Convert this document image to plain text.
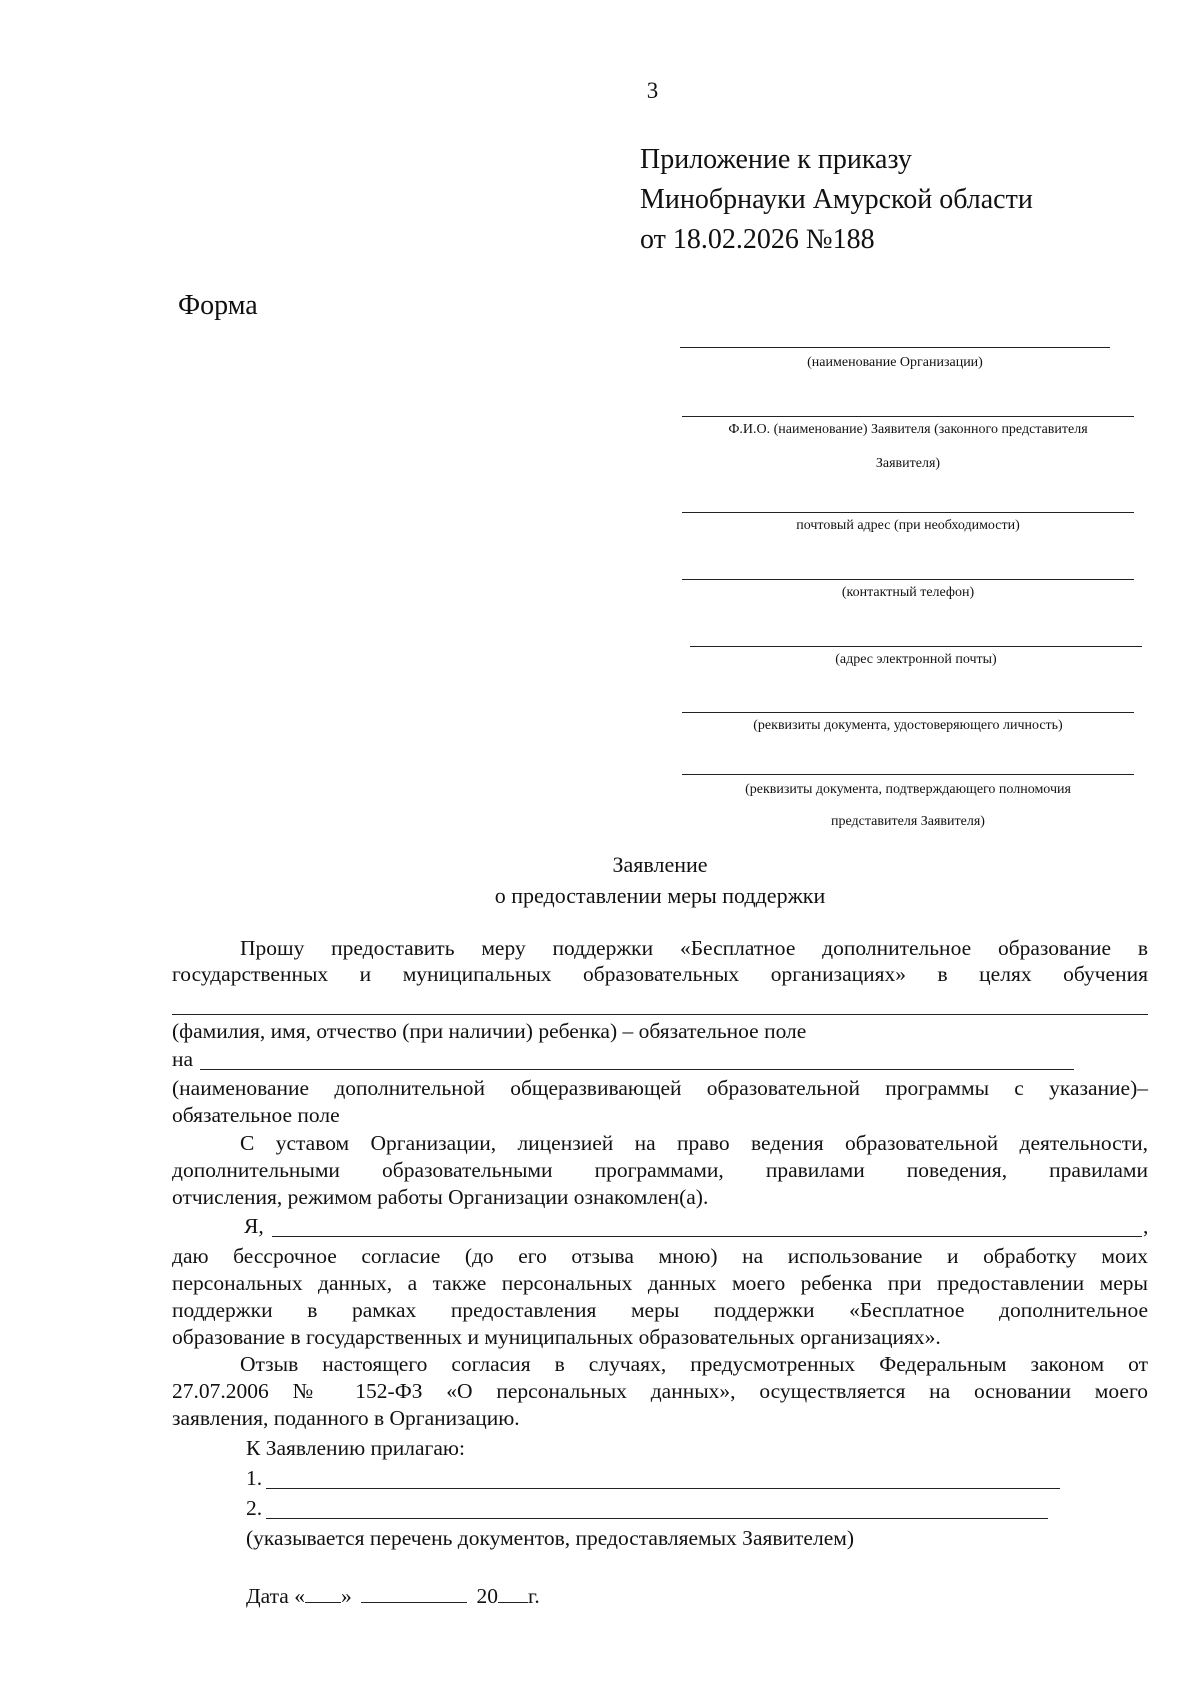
3
Приложение к приказу
Минобрнауки Амурской области
от 18.02.2026 №188
Форма
(наименование Организации)
Ф.И.О. (наименование) Заявителя (законного представителя
Заявителя)
почтовый адрес (при необходимости)
(контактный телефон)
(адрес электронной почты)
(реквизиты документа, удостоверяющего личность)
(реквизиты документа, подтверждающего полномочия
представителя Заявителя)
Заявление
о предоставлении меры поддержки
Прошу предоставить меру поддержки «Бесплатное дополнительное образование в
государственных и муниципальных образовательных организациях» в целях обучения
(фамилия, имя, отчество (при наличии) ребенка) – обязательное поле
на
(наименование дополнительной общеразвивающей образовательной программы с указание)–
обязательное поле
С уставом Организации, лицензией на право ведения образовательной деятельности,
дополнительными образовательными программами, правилами поведения, правилами
отчисления, режимом работы Организации ознакомлен(а).
Я,	,
даю бессрочное согласие (до его отзыва мною) на использование и обработку моих
персональных данных, а также персональных данных моего ребенка при предоставлении меры
поддержки в рамках предоставления меры поддержки «Бесплатное дополнительное
образование в государственных и муниципальных образовательных организациях».
Отзыв настоящего согласия в случаях, предусмотренных Федеральным законом от
27.07.2006 № 152-ФЗ «О персональных данных», осуществляется на основании моего
заявления, поданного в Организацию.
К Заявлению прилагаю:
1.
2.
(указывается перечень документов, предоставляемых Заявителем)
Дата « »	20 г.
